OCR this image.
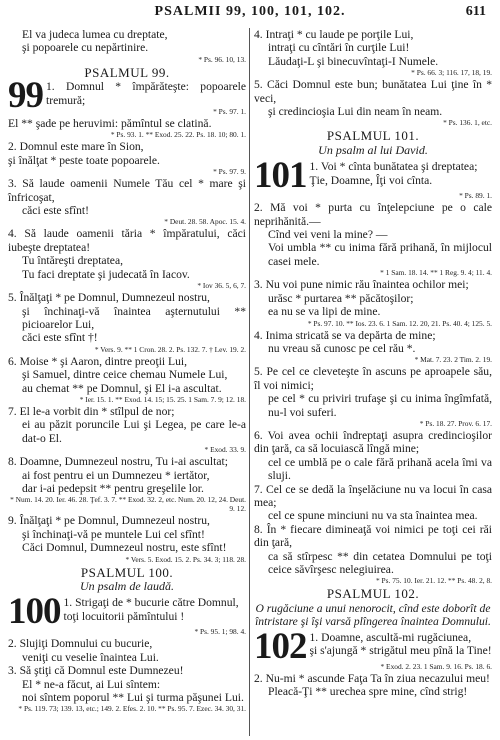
PSALMII 99, 100, 101, 102.	611

El va judeca lumea cu dreptate,

şi popoarele cu nepărtinire.

* Ps. 96. 10, 13.

PSALMUL 99.

99 1. Domnul * împărăteşte: popoarele tremură;

* Ps. 97. 1.

El ** şade pe heruvimi: pămîntul se clatină.

* Ps. 93. 1. ** Exod. 25. 22. Ps. 18. 10; 80. 1.

2. Domnul este mare în Sion,

şi înălţat * peste toate popoarele.

* Ps. 97. 9.

3. Să laude oamenii Numele Tău cel * mare şi înfricoşat,

căci este sfînt!

* Deut. 28. 58. Apoc. 15. 4.

4. Să laude oamenii tăria * împăratului, căci iubeşte dreptatea!

Tu întăreşti dreptatea,

Tu faci dreptate şi judecată în Iacov.

* Iov 36. 5, 6, 7.

5. Înălţaţi * pe Domnul, Dumnezeul nostru,

şi închinaţi-vă înaintea aşternutului ** picioarelor Lui,

căci este sfînt †!

* Vers. 9. ** 1 Cron. 28. 2. Ps. 132. 7. † Lev. 19. 2.

6. Moise * şi Aaron, dintre preoţii Lui,

şi Samuel, dintre ceice chemau Numele Lui,

au chemat ** pe Domnul, şi El i-a ascultat.

* Ier. 15. 1. ** Exod. 14. 15; 15. 25. 1 Sam. 7. 9; 12. 18.

7. El le-a vorbit din * stîlpul de nor;

ei au păzit poruncile Lui şi Legea, pe care le-a dat-o El.

* Exod. 33. 9.

8. Doamne, Dumnezeul nostru, Tu i-ai ascultat;

ai fost pentru ei un Dumnezeu * iertător,

dar i-ai pedepsit ** pentru greşelile lor.

* Num. 14. 20. Ier. 46. 28. Ţef. 3. 7. ** Exod. 32. 2, etc. Num. 20. 12, 24. Deut. 9. 12.

9. Înălţaţi * pe Domnul, Dumnezeul nostru,

şi închinaţi-vă pe muntele Lui cel sfînt!

Căci Domnul, Dumnezeul nostru, este sfînt!

* Vers. 5. Exod. 15. 2. Ps. 34. 3; 118. 28.

PSALMUL 100.

Un psalm de laudă.

100 1. Strigaţi de * bucurie către Domnul,

toţi locuitorii pămîntului !

* Ps. 95. 1; 98. 4.

2. Slujiţi Domnului cu bucurie,

veniţi cu veselie înaintea Lui.

3. Să ştiţi că Domnul este Dumnezeu!

El * ne-a făcut, ai Lui sîntem:

noi sîntem poporul ** Lui şi turma păşunei Lui.

* Ps. 119. 73; 139. 13, etc.; 149. 2. Efes. 2. 10. ** Ps. 95. 7. Ezec. 34. 30, 31.

4. Intraţi * cu laude pe porţile Lui,

intraţi cu cîntări în curţile Lui!

Lăudaţi-L şi binecuvîntaţi-I Numele.

* Ps. 66. 3; 116. 17, 18, 19.

5. Căci Domnul este bun; bunătatea Lui ţine în * veci,

şi credincioşia Lui din neam în neam.

* Ps. 136. 1, etc.

PSALMUL 101.

Un psalm al lui David.

101 1. Voi * cînta bunătatea şi dreptatea;

Ţie, Doamne, Îţi voi cînta.

* Ps. 89. 1.

2. Mă voi * purta cu înţelepciune pe o cale neprihănită.—

Cînd vei veni la mine? —

Voi umbla ** cu inima fără prihană, în mijlocul casei mele.

* 1 Sam. 18. 14. ** 1 Reg. 9. 4; 11. 4.

3. Nu voi pune nimic rău înaintea ochilor mei;

urăsc * purtarea ** păcătoşilor;

ea nu se va lipi de mine.

* Ps. 97. 10. ** Ios. 23. 6. 1 Sam. 12. 20, 21. Ps. 40. 4; 125. 5.

4. Inima stricată se va depărta de mine;

nu vreau să cunosc pe cel rău *.

* Mat. 7. 23. 2 Tim. 2. 19.

5. Pe cel ce cleveteşte în ascuns pe aproapele său, îl voi nimici;

pe cel * cu priviri trufaşe şi cu inima îngîmfată, nu-l voi suferi.

* Ps. 18. 27. Prov. 6. 17.

6. Voi avea ochii îndreptaţi asupra credincioşilor din ţară, ca să locuiască lîngă mine;

cel ce umblă pe o cale fără prihană acela îmi va sluji.

7. Cel ce se dedă la înşelăciune nu va locui în casa mea;

cel ce spune minciuni nu va sta înaintea mea.

8. În * fiecare dimineaţă voi nimici pe toţi cei răi din ţară,

ca să stîrpesc ** din cetatea Domnului pe toţi ceice săvîrşesc nelegiuirea.

* Ps. 75. 10. Ier. 21. 12. ** Ps. 48. 2, 8.

PSALMUL 102.

O rugăciune a unui nenorocit, cînd este doborît de întristare şi îşi varsă plîngerea înaintea Domnului.

102 1. Doamne, ascultă-mi rugăciunea,

şi s'ajungă * strigătul meu pînă la Tine!

* Exod. 2. 23. 1 Sam. 9. 16. Ps. 18. 6.

2. Nu-mi * ascunde Faţa Ta în ziua necazului meu!

Pleacă-Ţi ** urechea spre mine, cînd strig!
